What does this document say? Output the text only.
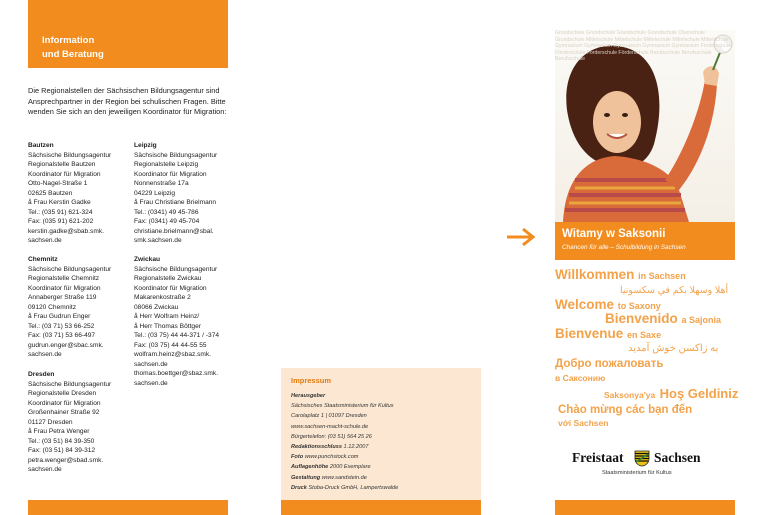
Information
und Beratung
Die Regionalstellen der Sächsischen Bildungsagentur sind Ansprechpartner in der Region bei schulischen Fragen. Bitte wenden Sie sich an den jeweiligen Koordinator für Migration:
Bautzen
Sächsische Bildungsagentur
Regionalstelle Bautzen
Koordinator für Migration
Otto-Nagel-Straße 1
02625 Bautzen
å Frau Kerstin Gadke
Tel.: (035 91) 621-324
Fax: (035 91) 621-202
kerstin.gadke@sbab.smk.
sachsen.de
Leipzig
Sächsische Bildungsagentur
Regionalstelle Leipzig
Koordinator für Migration
Nonnenstraße 17a
04229 Leipzig
å Frau Christiane Brielmann
Tel.: (0341) 49 45-786
Fax: (0341) 49 45-704
christiane.brielmann@sbal.
smk.sachsen.de
Chemnitz
Sächsische Bildungsagentur
Regionalstelle Chemnitz
Koordinator für Migration
Annaberger Straße 119
09120 Chemnitz
å Frau Gudrun Enger
Tel.: (03 71) 53 66-252
Fax: (03 71) 53 66-497
gudrun.enger@sbac.smk.
sachsen.de
Zwickau
Sächsische Bildungsagentur
Regionalstelle Zwickau
Koordinator für Migration
Makarenkostraße 2
08066 Zwickau
å Herr Wolfram Heinz/
å Herr Thomas Böttger
Tel.: (03 75) 44 44-371 / -374
Fax: (03 75) 44 44-55 55
wolfram.heinz@sbaz.smk.
sachsen.de
thomas.boettger@sbaz.smk.
sachsen.de
Dresden
Sächsische Bildungsagentur
Regionalstelle Dresden
Koordinator für Migration
Großenhainer Straße 92
01127 Dresden
å Frau Petra Wenger
Tel.: (03 51) 84 39-350
Fax: (03 51) 84 39-312
petra.wenger@sbad.smk.
sachsen.de
Impressum
Herausgeber
Sächsisches Staatsministerium für Kultus
Carolaplatz 1 | 01097 Dresden
www.sachsen-macht-schule.de
Bürgertelefon: (03 51) 564 25 26
Redaktionsschluss 1.12.2007
Foto www.punchstock.com
Auflagenhöhe 2000 Exemplare
Gestaltung www.sandstein.de
Druck Stoba-Druck GmbH, Lampertswalde
Grundschule Grundschule Grundschule Grundschule Oberschule Grundschule Mittelschule Mittelschule Mittelschule Mittelschule Mittelschule Gymnasium Gymnasium Gymnasium Gymnasium Gymnasium Förderschule Förderschule Förderschule Förderschule Berufsschule Berufsschule Berufsschule
Witamy w Saksonii
Chancen für alle – Schulbildung in Sachsen
Willkommen in Sachsen
أهلا وسهلا بكم في سكسونيا
Welcome to Saxony
Bienvenido a Sajonia
Bienvenue en Saxe
به زاکسن خوش آمدید
Добро пожаловать
в Саксонию
Saksonya'ya Hoş Geldiniz
Chào mừng các bạn đến
với Sachsen
Freistaat Sachsen
Staatsministerium für Kultus
